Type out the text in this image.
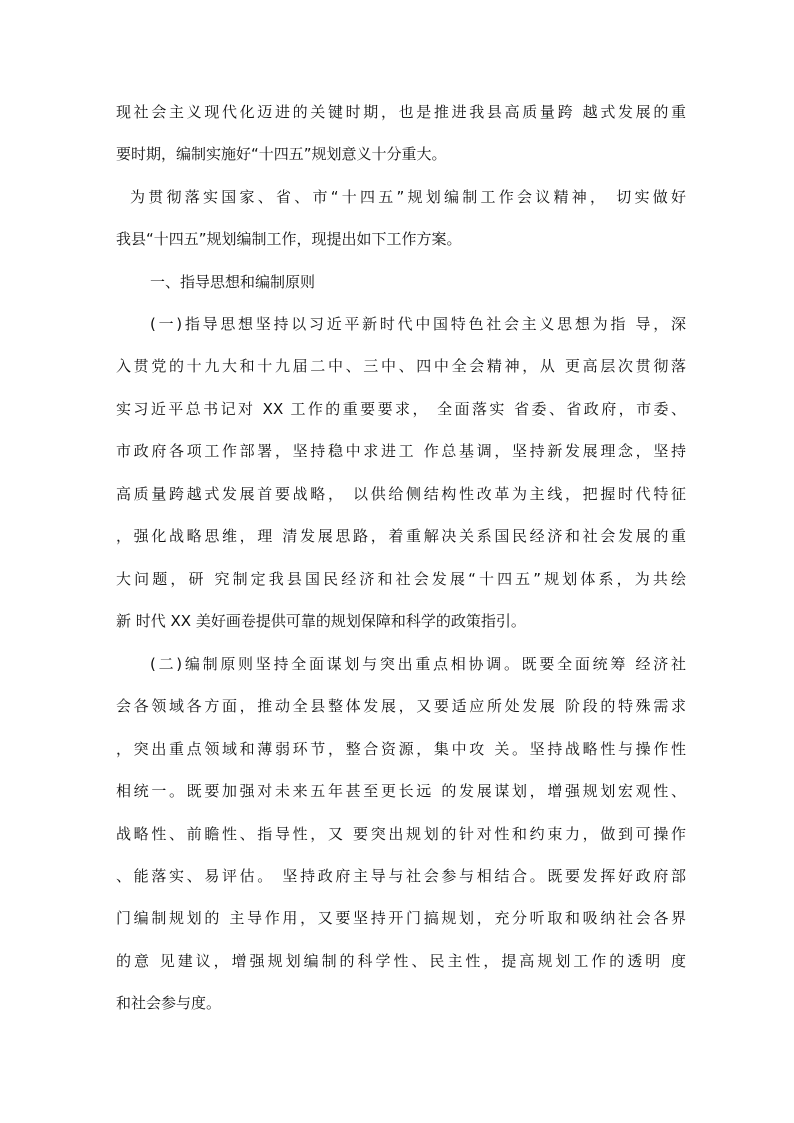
现社会主义现代化迈进的关键时期，也是推进我县高质量跨 越式发展的重
要时期，编制实施好“十四五”规划意义十分重大。
为贯彻落实国家、省、市“十四五”规划编制工作会议精神， 切实做好
我县“十四五”规划编制工作，现提出如下工作方案。
一、指导思想和编制原则
(一)指导思想坚持以习近平新时代中国特色社会主义思想为指 导，深
入贯党的十九大和十九届二中、三中、四中全会精神，从 更高层次贯彻落
实习近平总书记对 XX 工作的重要要求， 全面落实 省委、省政府，市委、
市政府各项工作部署，坚持稳中求进工 作总基调，坚持新发展理念，坚持
高质量跨越式发展首要战略， 以供给侧结构性改革为主线，把握时代特征
，强化战略思维，理 清发展思路，着重解决关系国民经济和社会发展的重
大问题，研 究制定我县国民经济和社会发展“十四五”规划体系，为共绘
新 时代 XX 美好画卷提供可靠的规划保障和科学的政策指引。
(二)编制原则坚持全面谋划与突出重点相协调。既要全面统筹 经济社
会各领域各方面，推动全县整体发展，又要适应所处发展 阶段的特殊需求
，突出重点领域和薄弱环节，整合资源，集中攻 关。坚持战略性与操作性
相统一。既要加强对未来五年甚至更长远 的发展谋划，增强规划宏观性、
战略性、前瞻性、指导性，又 要突出规划的针对性和约束力，做到可操作
、能落实、易评估。 坚持政府主导与社会参与相结合。既要发挥好政府部
门编制规划的 主导作用，又要坚持开门搞规划，充分听取和吸纳社会各界
的意 见建议，增强规划编制的科学性、民主性，提高规划工作的透明 度
和社会参与度。
